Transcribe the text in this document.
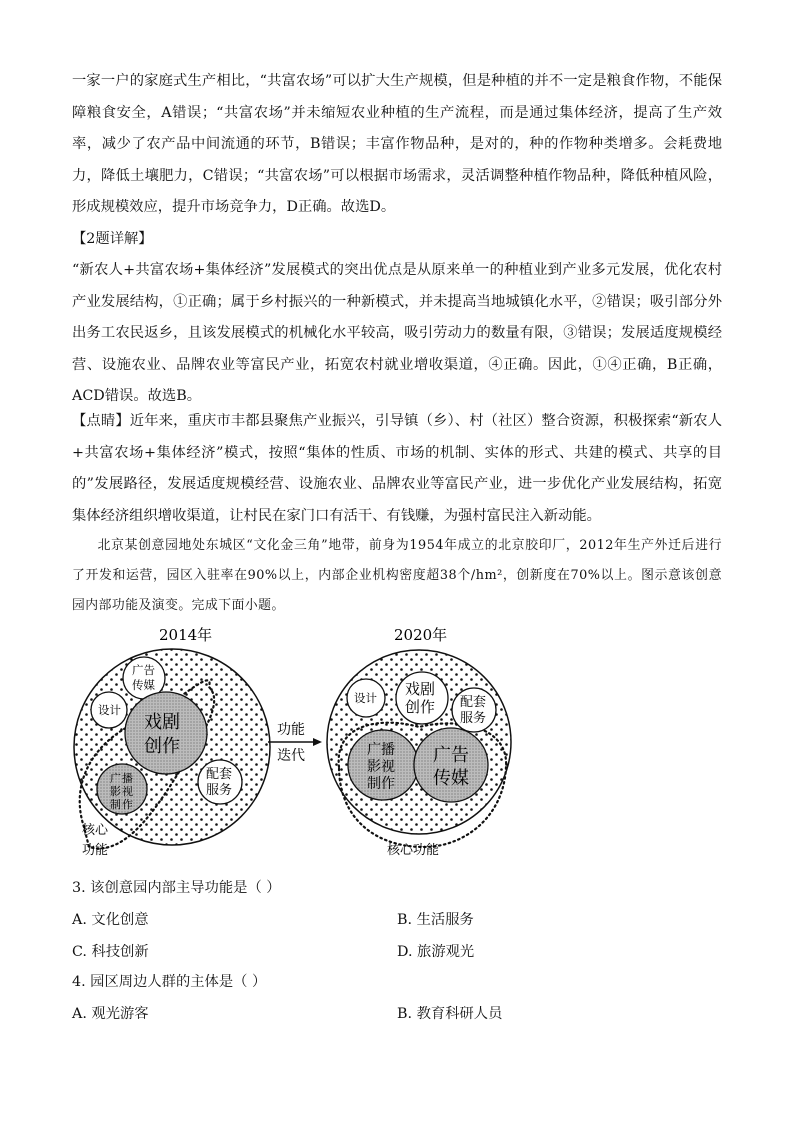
一家一户的家庭式生产相比，“共富农场”可以扩大生产规模，但是种植的并不一定是粮食作物，不能保障粮食安全，A错误；“共富农场”并未缩短农业种植的生产流程，而是通过集体经济，提高了生产效率，减少了农产品中间流通的环节，B错误；丰富作物品种，是对的，种的作物种类增多。会耗费地力，降低土壤肥力，C错误；“共富农场”可以根据市场需求，灵活调整种植作物品种，降低种植风险，形成规模效应，提升市场竞争力，D正确。故选D。

【2题详解】

“新农人+共富农场+集体经济”发展模式的突出优点是从原来单一的种植业到产业多元发展，优化农村产业发展结构，①正确；属于乡村振兴的一种新模式，并未提高当地城镇化水平，②错误；吸引部分外出务工农民返乡，且该发展模式的机械化水平较高，吸引劳动力的数量有限，③错误；发展适度规模经营、设施农业、品牌农业等富民产业，拓宽农村就业增收渠道，④正确。因此，①④正确，B正确，ACD错误。故选B。

【点睛】近年来，重庆市丰都县聚焦产业振兴，引导镇（乡）、村（社区）整合资源，积极探索“新农人+共富农场+集体经济”模式，按照“集体的性质、市场的机制、实体的形式、共建的模式、共享的目的”发展路径，发展适度规模经营、设施农业、品牌农业等富民产业，进一步优化产业发展结构，拓宽集体经济组织增收渠道，让村民在家门口有活干、有钱赚，为强村富民注入新动能。

北京某创意园地处东城区“文化金三角”地带，前身为1954年成立的北京胶印厂，2012年生产外迁后进行了开发和运营，园区入驻率在90%以上，内部企业机构密度超38个/hm²，创新度在70%以上。图示意该创意园内部功能及演变。完成下面小题。

2014年
广告
传媒
设计
戏剧
创作
广 播
影 视
制 作
配套
服务
核心
功能
功能
迭代
2020年
设计 戏剧
创作 配套
服务
广播
影视
制作
广告
传媒
核心功能
3. 该创意园内部主导功能是（ ）
A. 文化创意	B. 生活服务
C. 科技创新	D. 旅游观光
4. 园区周边人群的主体是（ ）
A. 观光游客	B. 教育科研人员
